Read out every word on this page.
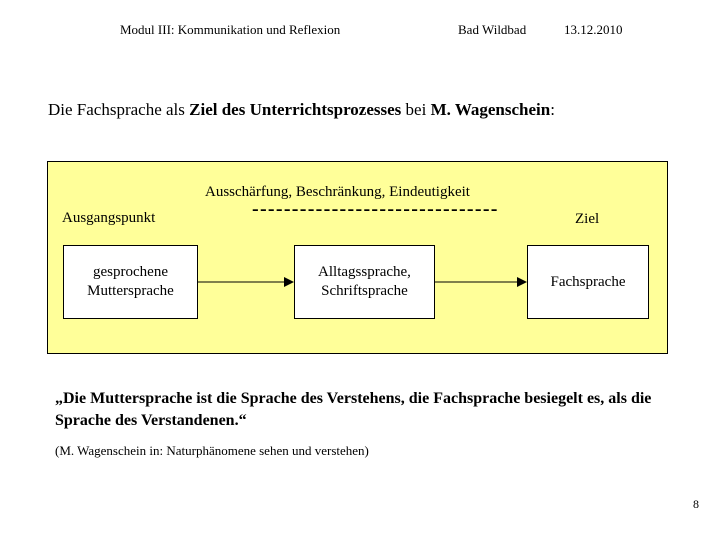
Modul III: Kommunikation und Reflexion	Bad Wildbad	13.12.2010
Die Fachsprache als Ziel des Unterrichtsprozesses bei M. Wagenschein:
Ausschärfung, Beschränkung, Eindeutigkeit
-------------------------------
Ausgangspunkt	Ziel
gesprochene Muttersprache
Alltagssprache, Schriftsprache
Fachsprache
„Die Muttersprache ist die Sprache des Verstehens, die Fachsprache besiegelt es, als die Sprache des Verstandenen.“
(M. Wagenschein in: Naturphänomene sehen und verstehen)
8
